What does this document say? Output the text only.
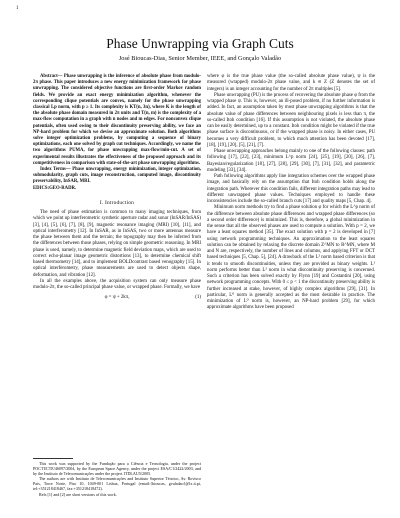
1
Phase Unwrapping via Graph Cuts
José Bioucas-Dias, Senior Member, IEEE, and Gonçalo Valadão

Abstract— Phase unwrapping is the inference of absolute phase from modulo-2π phase. This paper introduces a new energy minimization framework for phase unwrapping. The considered objective functions are first-order Markov random fields. We provide an exact energy minimization algorithm, whenever the corresponding clique potentials are convex, namely for the phase unwrapping classical Lp norm, with p ≥ 1. Its complexity is KT(n, 3n), where K is the length of the absolute phase domain measured in 2π units and T(n, m) is the complexity of a max-flow computation in a graph with n nodes and m edges. For nonconvex clique potentials, often used owing to their discontinuity preserving ability, we face an NP-hard problem for which we devise an approximate solution. Both algorithms solve integer optimization problems, by computing a sequence of binary optimizations, each one solved by graph cut techniques. Accordingly, we name the two algorithms PUMA, for phase unwrapping max-flow/min-cut. A set of experimental results illustrates the effectiveness of the proposed approach and its competitiveness in comparison with state-of-the-art phase unwrapping algorithms.

Index Terms— Phase unwrapping, energy minimization, integer optimization, submodularity, graph cuts, image reconstruction, computed image, discontinuity preservability, InSAR, MRI.

EDICS:GEO-RADR.

I. Introduction

The need of phase estimation is common to many imaging techniques, from which we point up interferometric synthetic aperture radar and sonar (InSAR/InSAS) [3], [4], [5], [6], [7], [8], [9], magnetic resonance imaging (MRI) [10], [11], and optical interferometry [12]. In InSAR, as in InSAS, two or more antennas measure the phase between them and the terrain; the topography may then be inferred from the differences between those phases, relying on simple geometric reasoning. In MRI phase is used, namely, to determine magnetic field deviation maps, which are used to correct echo-planar image geometric distortions [13], to determine chemical shift based thermometry [14], and to implement BOLDcontrast based venography [15]. In optical interferometry, phase measurements are used to detect objects shape, deformation, and vibration [12].

In all the examples above, the acquisition system can only measure phase modulo-2π, the so-called principal phase value, or wrapped phase. Formally, we have

φ = ψ + 2kπ,	(1)

This work was supported by the Fundação para a Ciência e Tecnologia, under the project POCTI/CTE/46097/2004, by the European Space Agency, under the project ESA/C1/2422/2003, and by the Instituto de Telecomunicações under the project ITDLAU5/2005.

The authors are with Instituto de Telecomunicações and Instituto Superior Técnico, Av. Rovisco Pais, Torre Norte, Piso 10, 1049-001 Lisboa, Portugal (email:{bioucas, gvaladao}@lx.it.pt, tel:+351218418467, fax:+351218418472).

Refs [1] and [2] are short versions of this work.

where φ is the true phase value (the so-called absolute phase value), ψ is the measured (wrapped) modulo-2π phase value, and k ∈ Z (Z denotes the set of integers) is an integer accounting for the number of 2π multiples [5].

Phase unwrapping (PU) is the process of recovering the absolute phase φ from the wrapped phase ψ. This is, however, an ill-posed problem, if no further information is added. In fact, an assumption taken by most phase unwrapping algorithms is that the absolute value of phase differences between neighbouring pixels is less than π, the so-called Itoh condition [16]. If this assumption is not violated, the absolute phase can be easily determined, up to a constant. Itoh condition might be violated if the true phase surface is discontinuous, or if the wrapped phase is noisy. In either cases, PU becomes a very difficult problem, to which much attention has been devoted [17], [18], [19], [20], [5], [21], [7].

Phase unwrapping approaches belong mainly to one of the following classes: path following [17], [22], [23], minimum L^p norm [24], [25], [19], [20], [26], [7], Bayesian/regularization [18], [27], [28], [29], [30], [7], [31], [32], and parametric modeling [33], [34].

Path following algorithms apply line integration schemes over the wrapped phase image, and basically rely on the assumption that Itoh condition holds along the integration path. Wherever this condition fails, different integration paths may lead to different unwrapped phase values. Techniques employed to handle these inconsistencies include the so-called branch cuts [17] and quality maps [5, Chap. 4].

Minimum norm methods try to find a phase solution φ for which the L^p norm of the difference between absolute phase differences and wrapped phase differences (so a second order difference) is minimized. This is, therefore, a global minimization in the sense that all the observed phases are used to compute a solution. With p = 2, we have a least squares method [35]. The exact solution with p = 2 is developed in [7] using network programming techniques. An approximation to the least squares solution can be obtained by relaxing the discrete domain Z^MN to R^MN, where M and N are, respectively, the number of lines and columns, and applying FFT or DCT based techniques [5, Chap. 5], [24]. A drawback of the L² norm based criterion is that it tends to smooth discontinuities, unless they are provided as binary weights. L¹ norm performs better than L² norm in what discontinuity preserving is concerned. Such a criterion has been solved exactly by Flynn [19] and Costantini [20], using network programming concepts. With 0 ≤ p < 1 the discontinuity preserving ability is further increased at stake, however, of highly complex algorithms [29], [31]. In particular, L⁰ norm is generally accepted as the most desirable in practice. The minimization of L⁰ norm is, however, an NP-hard problem [29], for which approximate algorithms have been proposed
